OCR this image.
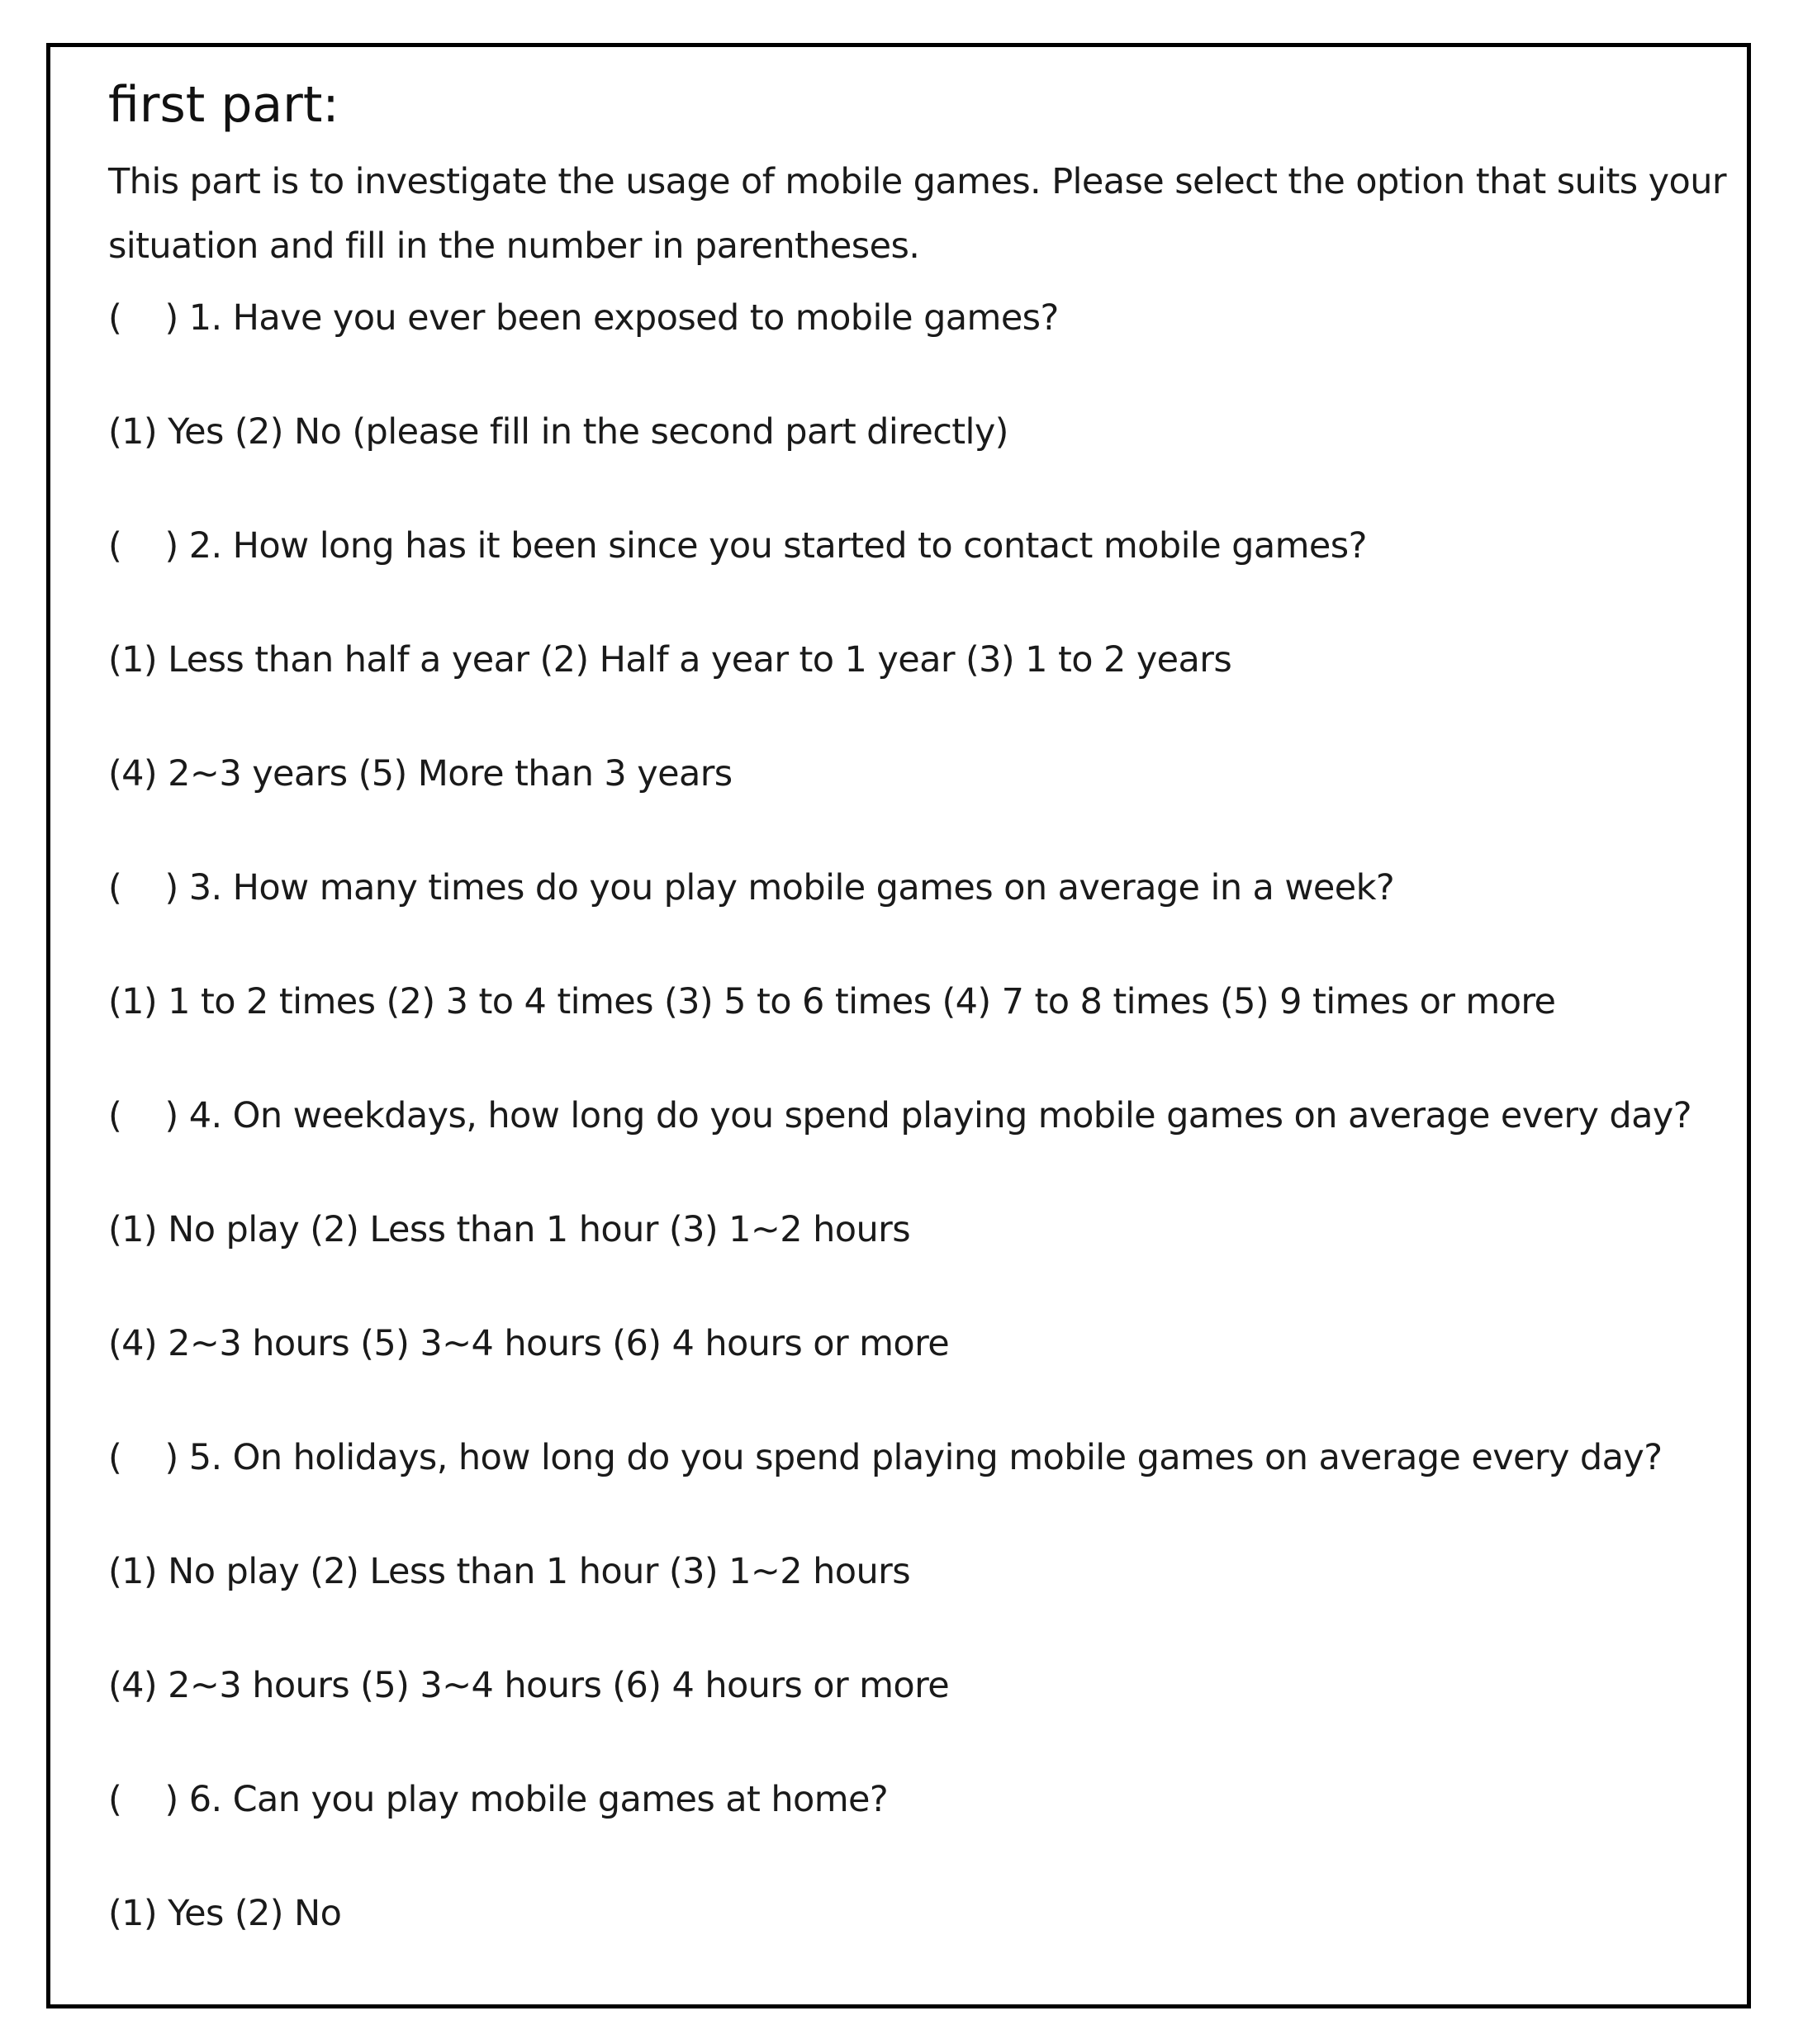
first part:

This part is to investigate the usage of mobile games. Please select the option that suits your situation and fill in the number in parentheses.

(    ) 1. Have you ever been exposed to mobile games?
(1) Yes (2) No (please fill in the second part directly)
(    ) 2. How long has it been since you started to contact mobile games?
(1) Less than half a year (2) Half a year to 1 year (3) 1 to 2 years
(4) 2~3 years (5) More than 3 years
(    ) 3. How many times do you play mobile games on average in a week?
(1) 1 to 2 times (2) 3 to 4 times (3) 5 to 6 times (4) 7 to 8 times (5) 9 times or more
(    ) 4. On weekdays, how long do you spend playing mobile games on average every day?
(1) No play (2) Less than 1 hour (3) 1~2 hours
(4) 2~3 hours (5) 3~4 hours (6) 4 hours or more
(    ) 5. On holidays, how long do you spend playing mobile games on average every day?
(1) No play (2) Less than 1 hour (3) 1~2 hours
(4) 2~3 hours (5) 3~4 hours (6) 4 hours or more
(    ) 6. Can you play mobile games at home?
(1) Yes (2) No
